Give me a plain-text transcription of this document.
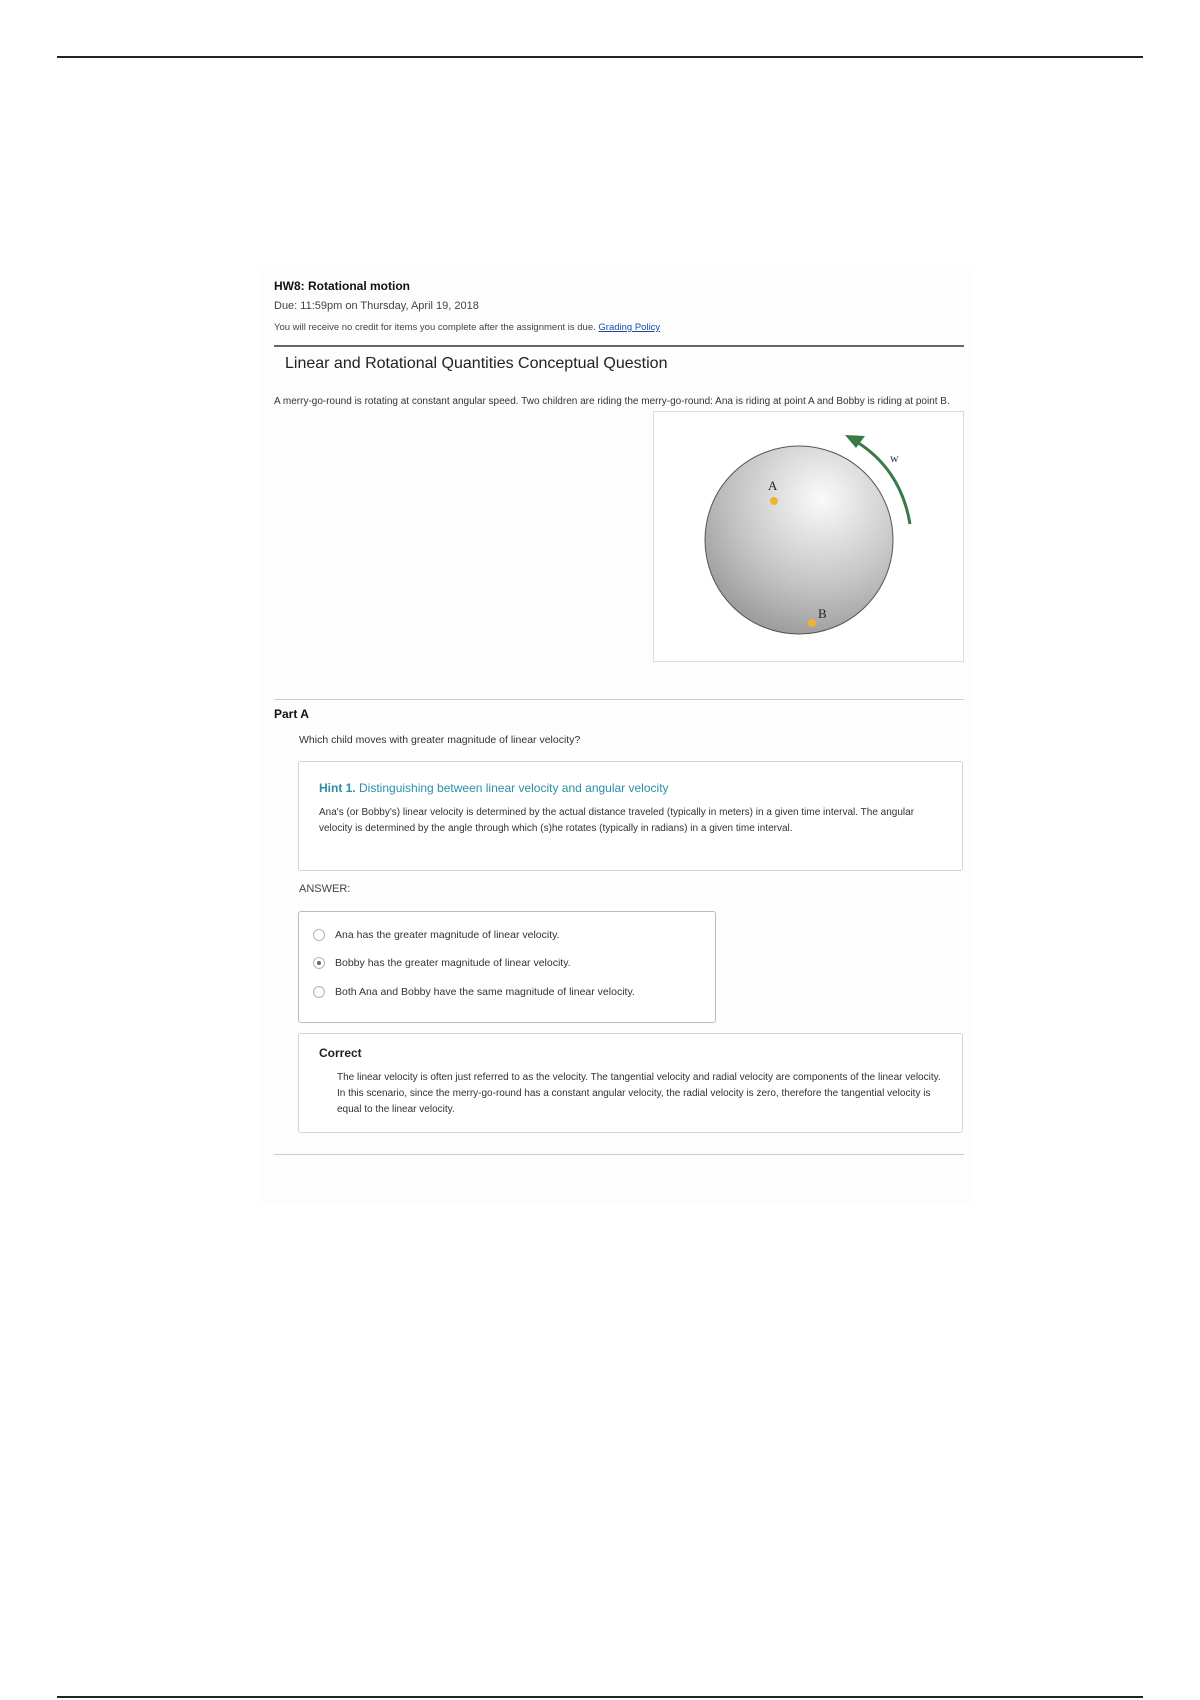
HW8: Rotational motion
Due: 11:59pm on Thursday, April 19, 2018
You will receive no credit for items you complete after the assignment is due. Grading Policy
Linear and Rotational Quantities Conceptual Question
A merry-go-round is rotating at constant angular speed. Two children are riding the merry-go-round: Ana is riding at point A and Bobby is riding at point B.
w
A
B
Part A
Which child moves with greater magnitude of linear velocity?
Hint 1. Distinguishing between linear velocity and angular velocity
Ana's (or Bobby's) linear velocity is determined by the actual distance traveled (typically in meters) in a given time interval. The angular velocity is determined by the angle through which (s)he rotates (typically in radians) in a given time interval.
ANSWER:
Ana has the greater magnitude of linear velocity.
Bobby has the greater magnitude of linear velocity.
Both Ana and Bobby have the same magnitude of linear velocity.
Correct
The linear velocity is often just referred to as the velocity. The tangential velocity and radial velocity are components of the linear velocity. In this scenario, since the merry-go-round has a constant angular velocity, the radial velocity is zero, therefore the tangential velocity is equal to the linear velocity.
